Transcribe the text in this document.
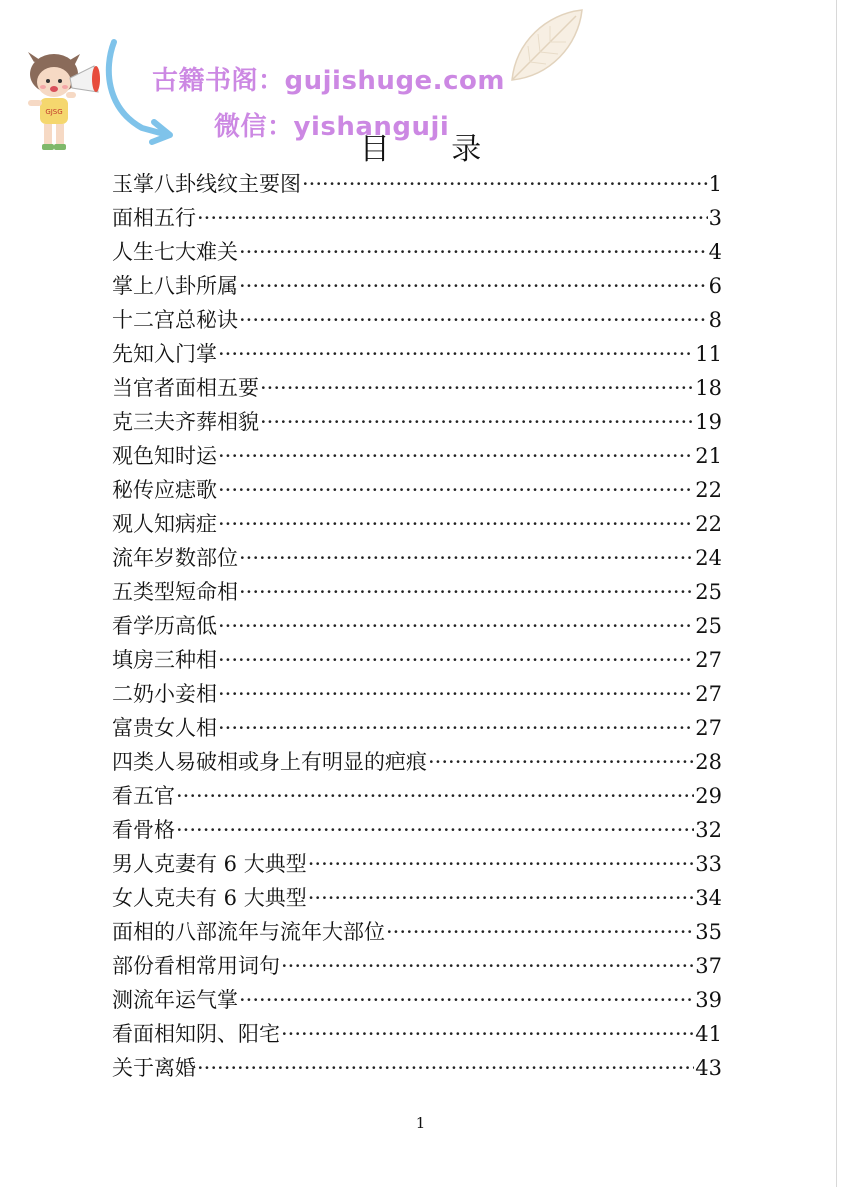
GJSG
古籍书阁：gujishuge.com
微信：yishanguji
目 录
玉掌八卦线纹主要图 ·····	1
面相五行 ·····	3
人生七大难关 ·····	4
掌上八卦所属 ·····	6
十二宫总秘诀 ·····	8
先知入门掌 ·····	11
当官者面相五要 ·····	18
克三夫齐葬相貌 ·····	19
观色知时运 ·····	21
秘传应痣歌 ·····	22
观人知病症 ·····	22
流年岁数部位 ·····	24
五类型短命相 ·····	25
看学历高低 ·····	25
填房三种相 ·····	27
二奶小妾相 ·····	27
富贵女人相 ·····	27
四类人易破相或身上有明显的疤痕 ·····	28
看五官 ·····	29
看骨格 ·····	32
男人克妻有 6 大典型 ·····	33
女人克夫有 6 大典型 ·····	34
面相的八部流年与流年大部位 ·····	35
部份看相常用词句 ·····	37
测流年运气掌 ·····	39
看面相知阴、阳宅 ·····	41
关于离婚 ·····	43
1
